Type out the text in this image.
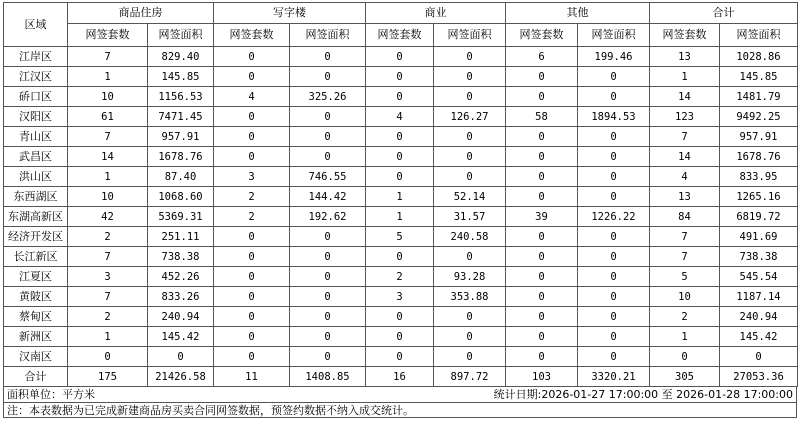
区域	商品住房		写字楼		商业		其他		合计	
	网签套数	网签面积	网签套数	网签面积	网签套数	网签面积	网签套数	网签面积	网签套数	网签面积
江岸区	7	829.40	0	0	0	0	6	199.46	13	1028.86
江汉区	1	145.85	0	0	0	0	0	0	1	145.85
硚口区	10	1156.53	4	325.26	0	0	0	0	14	1481.79
汉阳区	61	7471.45	0	0	4	126.27	58	1894.53	123	9492.25
青山区	7	957.91	0	0	0	0	0	0	7	957.91
武昌区	14	1678.76	0	0	0	0	0	0	14	1678.76
洪山区	1	87.40	3	746.55	0	0	0	0	4	833.95
东西湖区	10	1068.60	2	144.42	1	52.14	0	0	13	1265.16
东湖高新区	42	5369.31	2	192.62	1	31.57	39	1226.22	84	6819.72
经济开发区	2	251.11	0	0	5	240.58	0	0	7	491.69
长江新区	7	738.38	0	0	0	0	0	0	7	738.38
江夏区	3	452.26	0	0	2	93.28	0	0	5	545.54
黄陂区	7	833.26	0	0	3	353.88	0	0	10	1187.14
蔡甸区	2	240.94	0	0	0	0	0	0	2	240.94
新洲区	1	145.42	0	0	0	0	0	0	1	145.42
汉南区	0	0	0	0	0	0	0	0	0	0
合计	175	21426.58	11	1408.85	16	897.72	103	3320.21	305	27053.36
面积单位：平方米	统计日期:2026-01-27 17:00:00 至 2026-01-28 17:00:00
注：本表数据为已完成新建商品房买卖合同网签数据，预签约数据不纳入成交统计。
